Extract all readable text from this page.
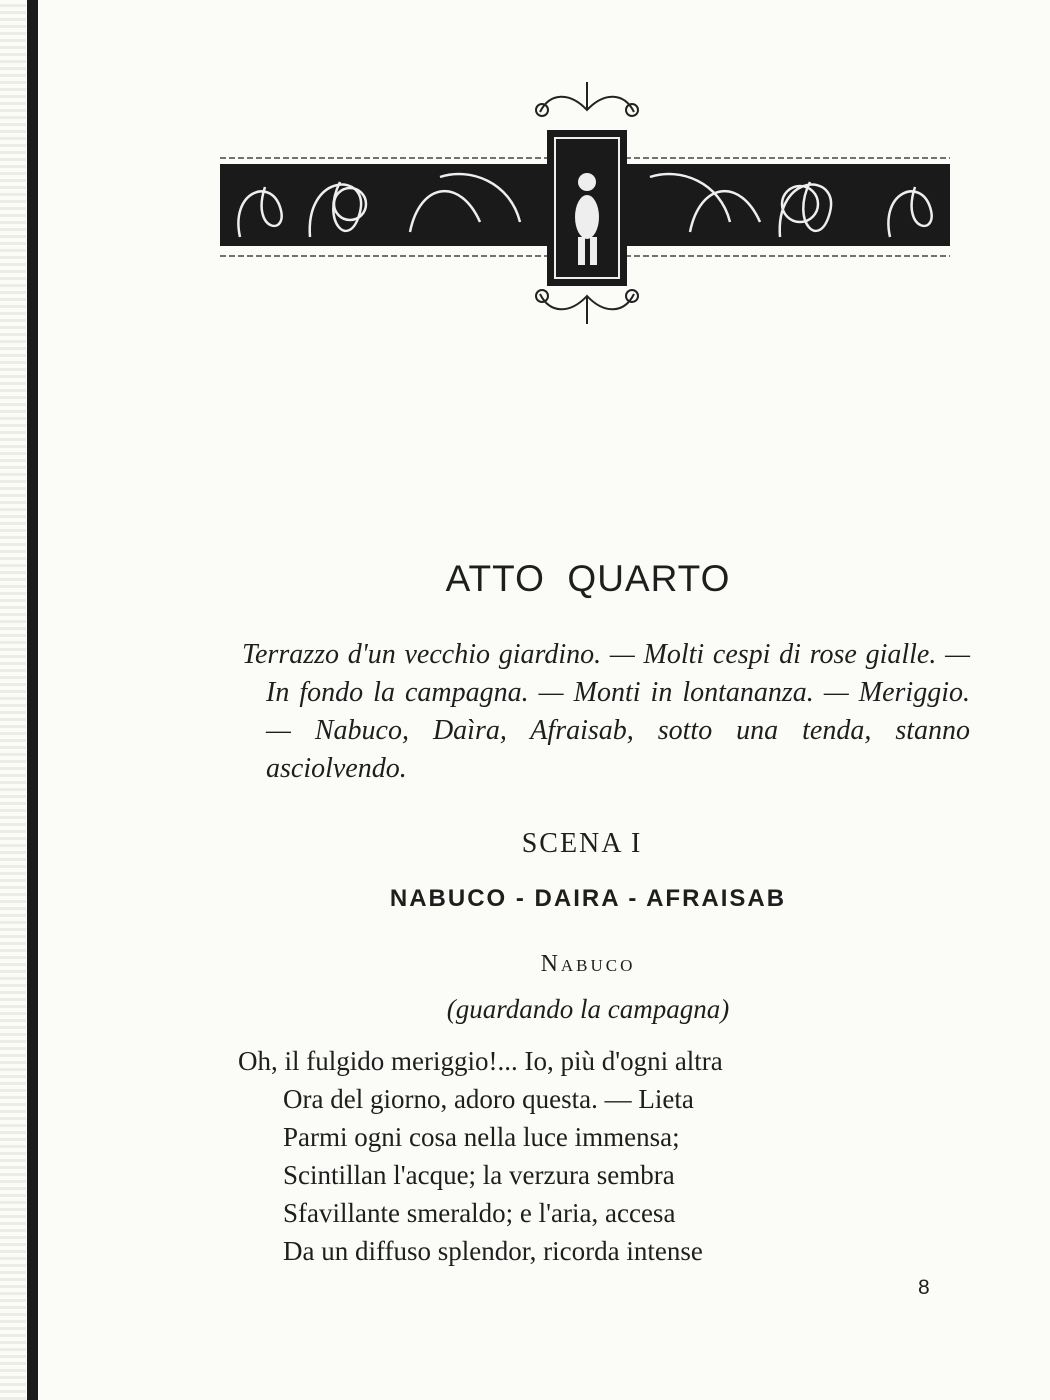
ATTO QUARTO
Terrazzo d'un vecchio giardino. — Molti cespi di rose gialle. — In fondo la campagna. — Monti in lontananza. — Meriggio. — Nabuco, Daìra, Afraisab, sotto una tenda, stanno asciolvendo.
SCENA I
NABUCO - DAIRA - AFRAISAB
Nabuco
(guardando la campagna)
Oh, il fulgido meriggio!... Io, più d'ogni altra
Ora del giorno, adoro questa. — Lieta
Parmi ogni cosa nella luce immensa;
Scintillan l'acque; la verzura sembra
Sfavillante smeraldo; e l'aria, accesa
Da un diffuso splendor, ricorda intense
8
